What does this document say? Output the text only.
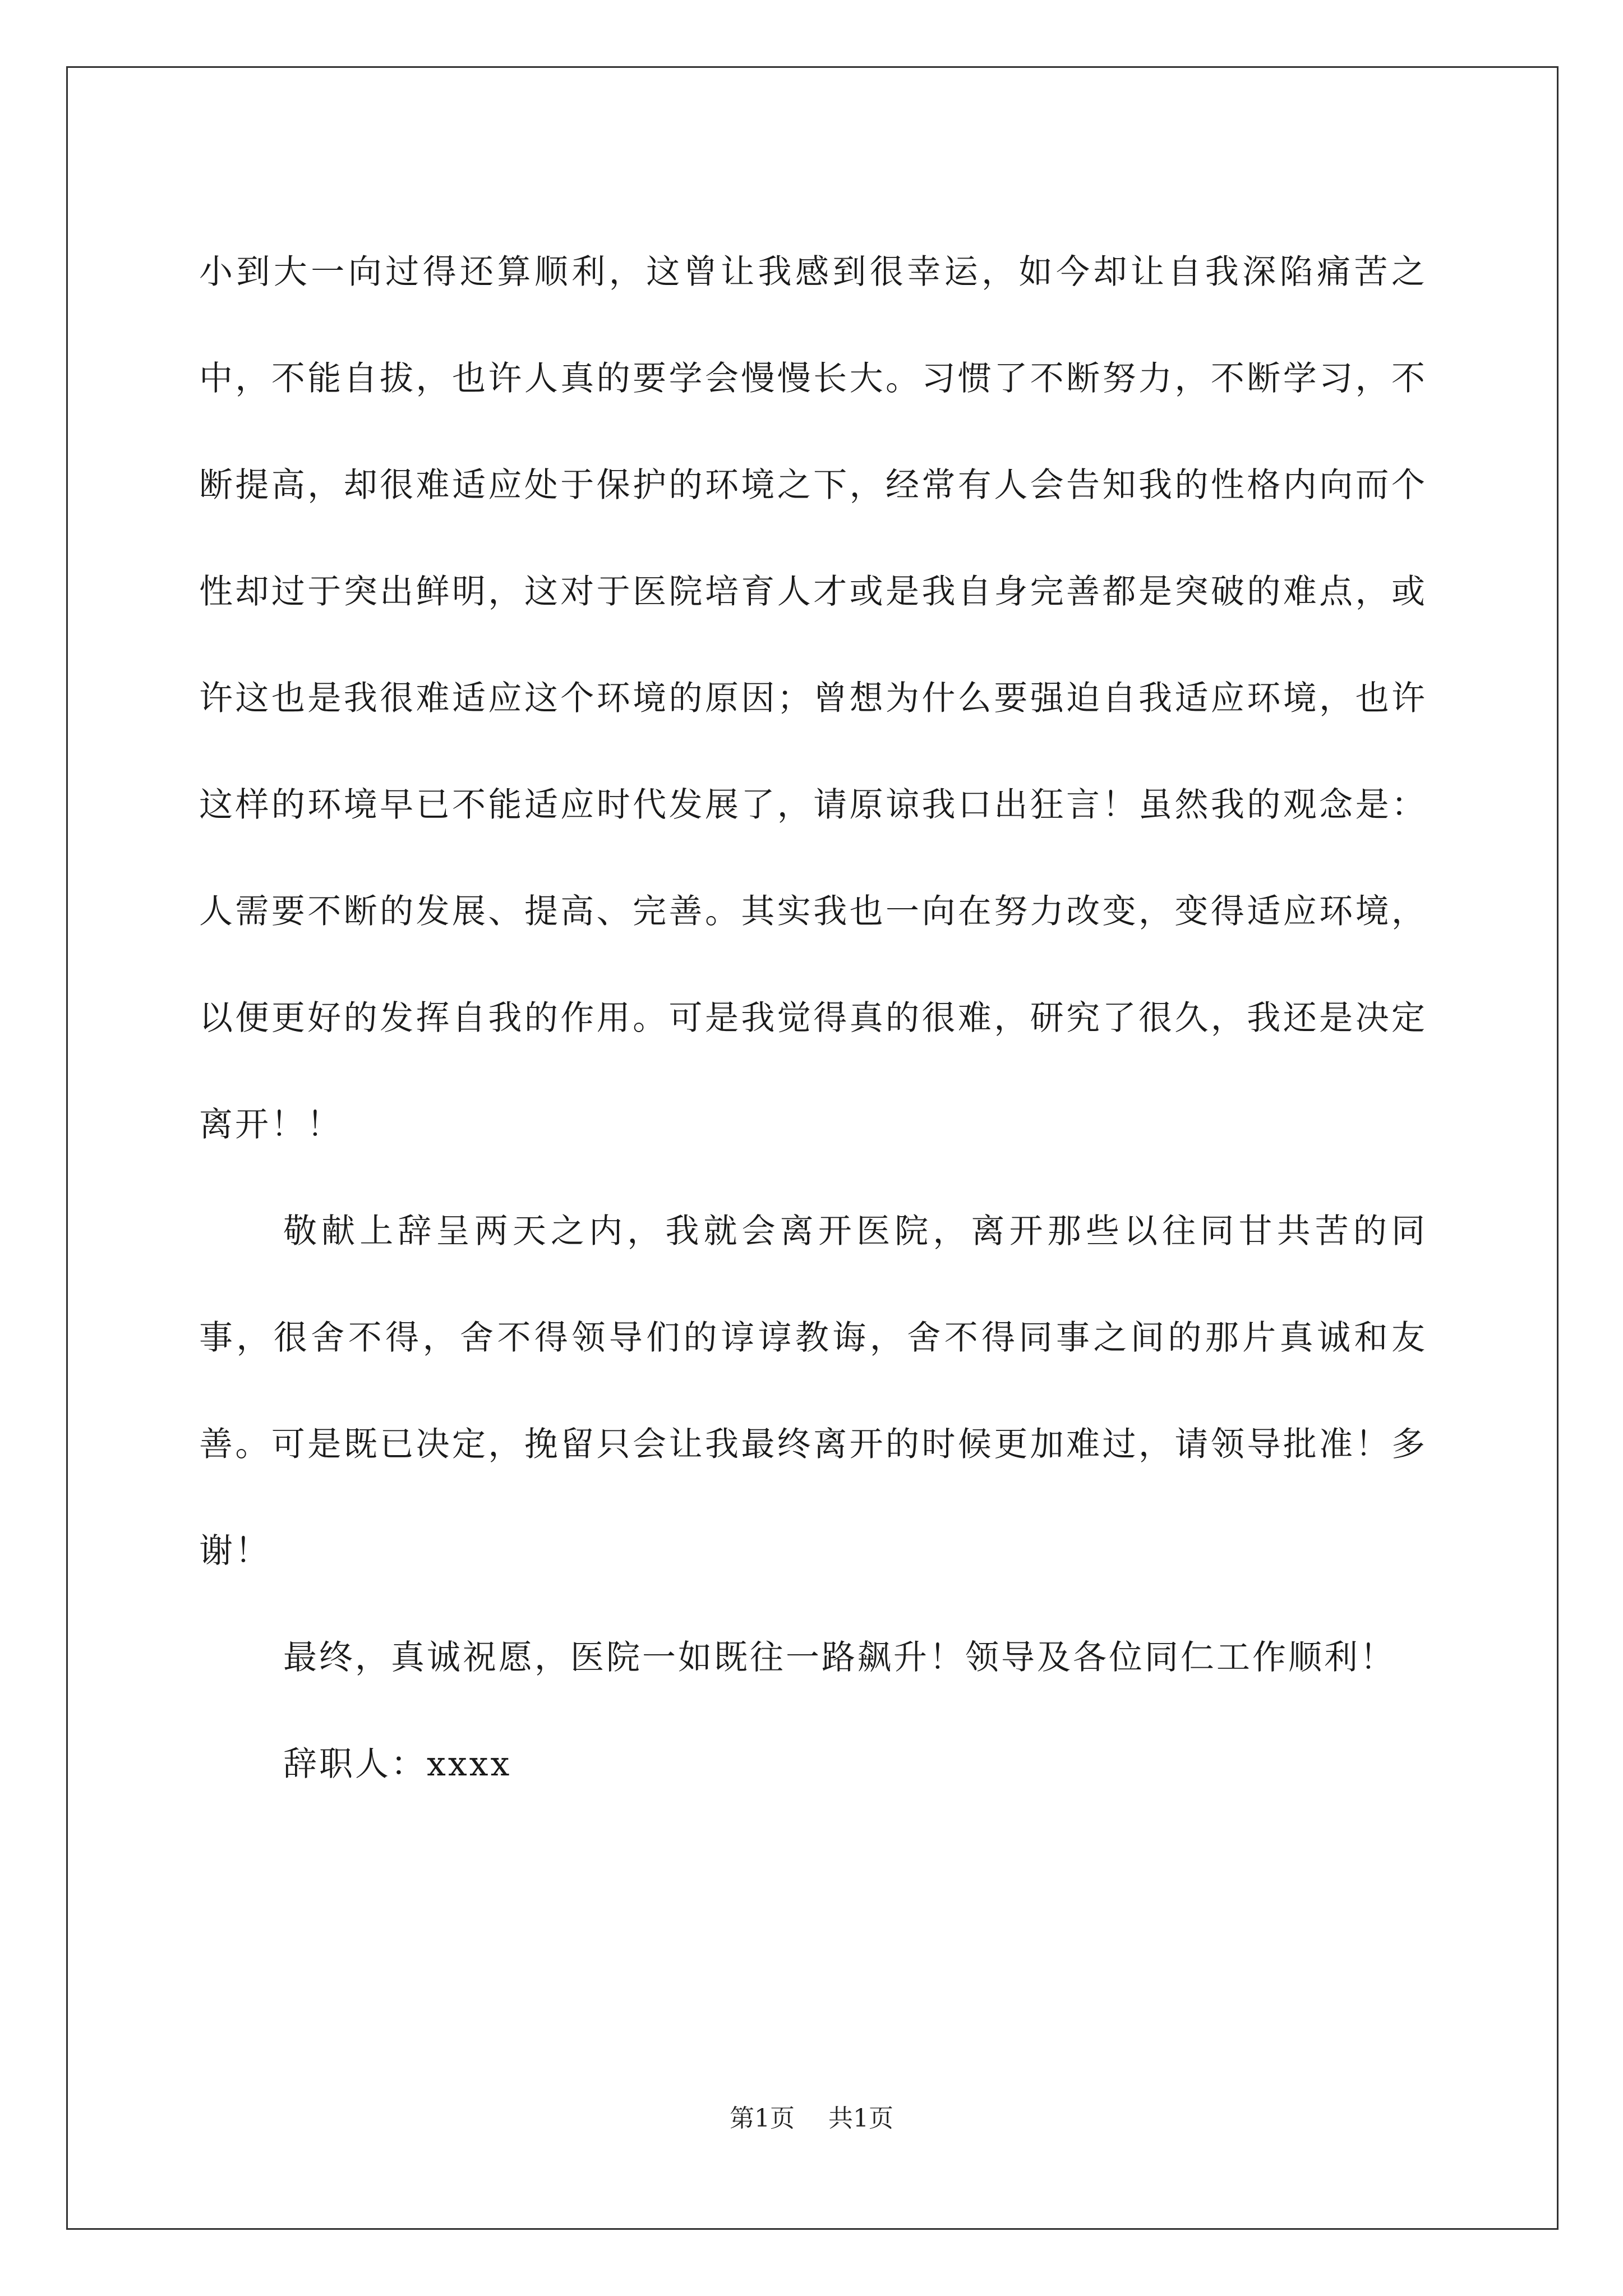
小到大一向过得还算顺利，这曾让我感到很幸运，如今却让自我深陷痛苦之中，不能自拔，也许人真的要学会慢慢长大。习惯了不断努力，不断学习，不断提高，却很难适应处于保护的环境之下，经常有人会告知我的性格内向而个性却过于突出鲜明，这对于医院培育人才或是我自身完善都是突破的难点，或许这也是我很难适应这个环境的原因；曾想为什么要强迫自我适应环境，也许这样的环境早已不能适应时代发展了，请原谅我口出狂言！虽然我的观念是：人需要不断的发展、提高、完善。其实我也一向在努力改变，变得适应环境，以便更好的发挥自我的作用。可是我觉得真的很难，研究了很久，我还是决定离开！！

敬献上辞呈两天之内，我就会离开医院，离开那些以往同甘共苦的同事，很舍不得，舍不得领导们的谆谆教诲，舍不得同事之间的那片真诚和友善。可是既已决定，挽留只会让我最终离开的时候更加难过，请领导批准！多谢！

最终，真诚祝愿，医院一如既往一路飙升！领导及各位同仁工作顺利！

辞职人：xxxx

第1页 共1页
